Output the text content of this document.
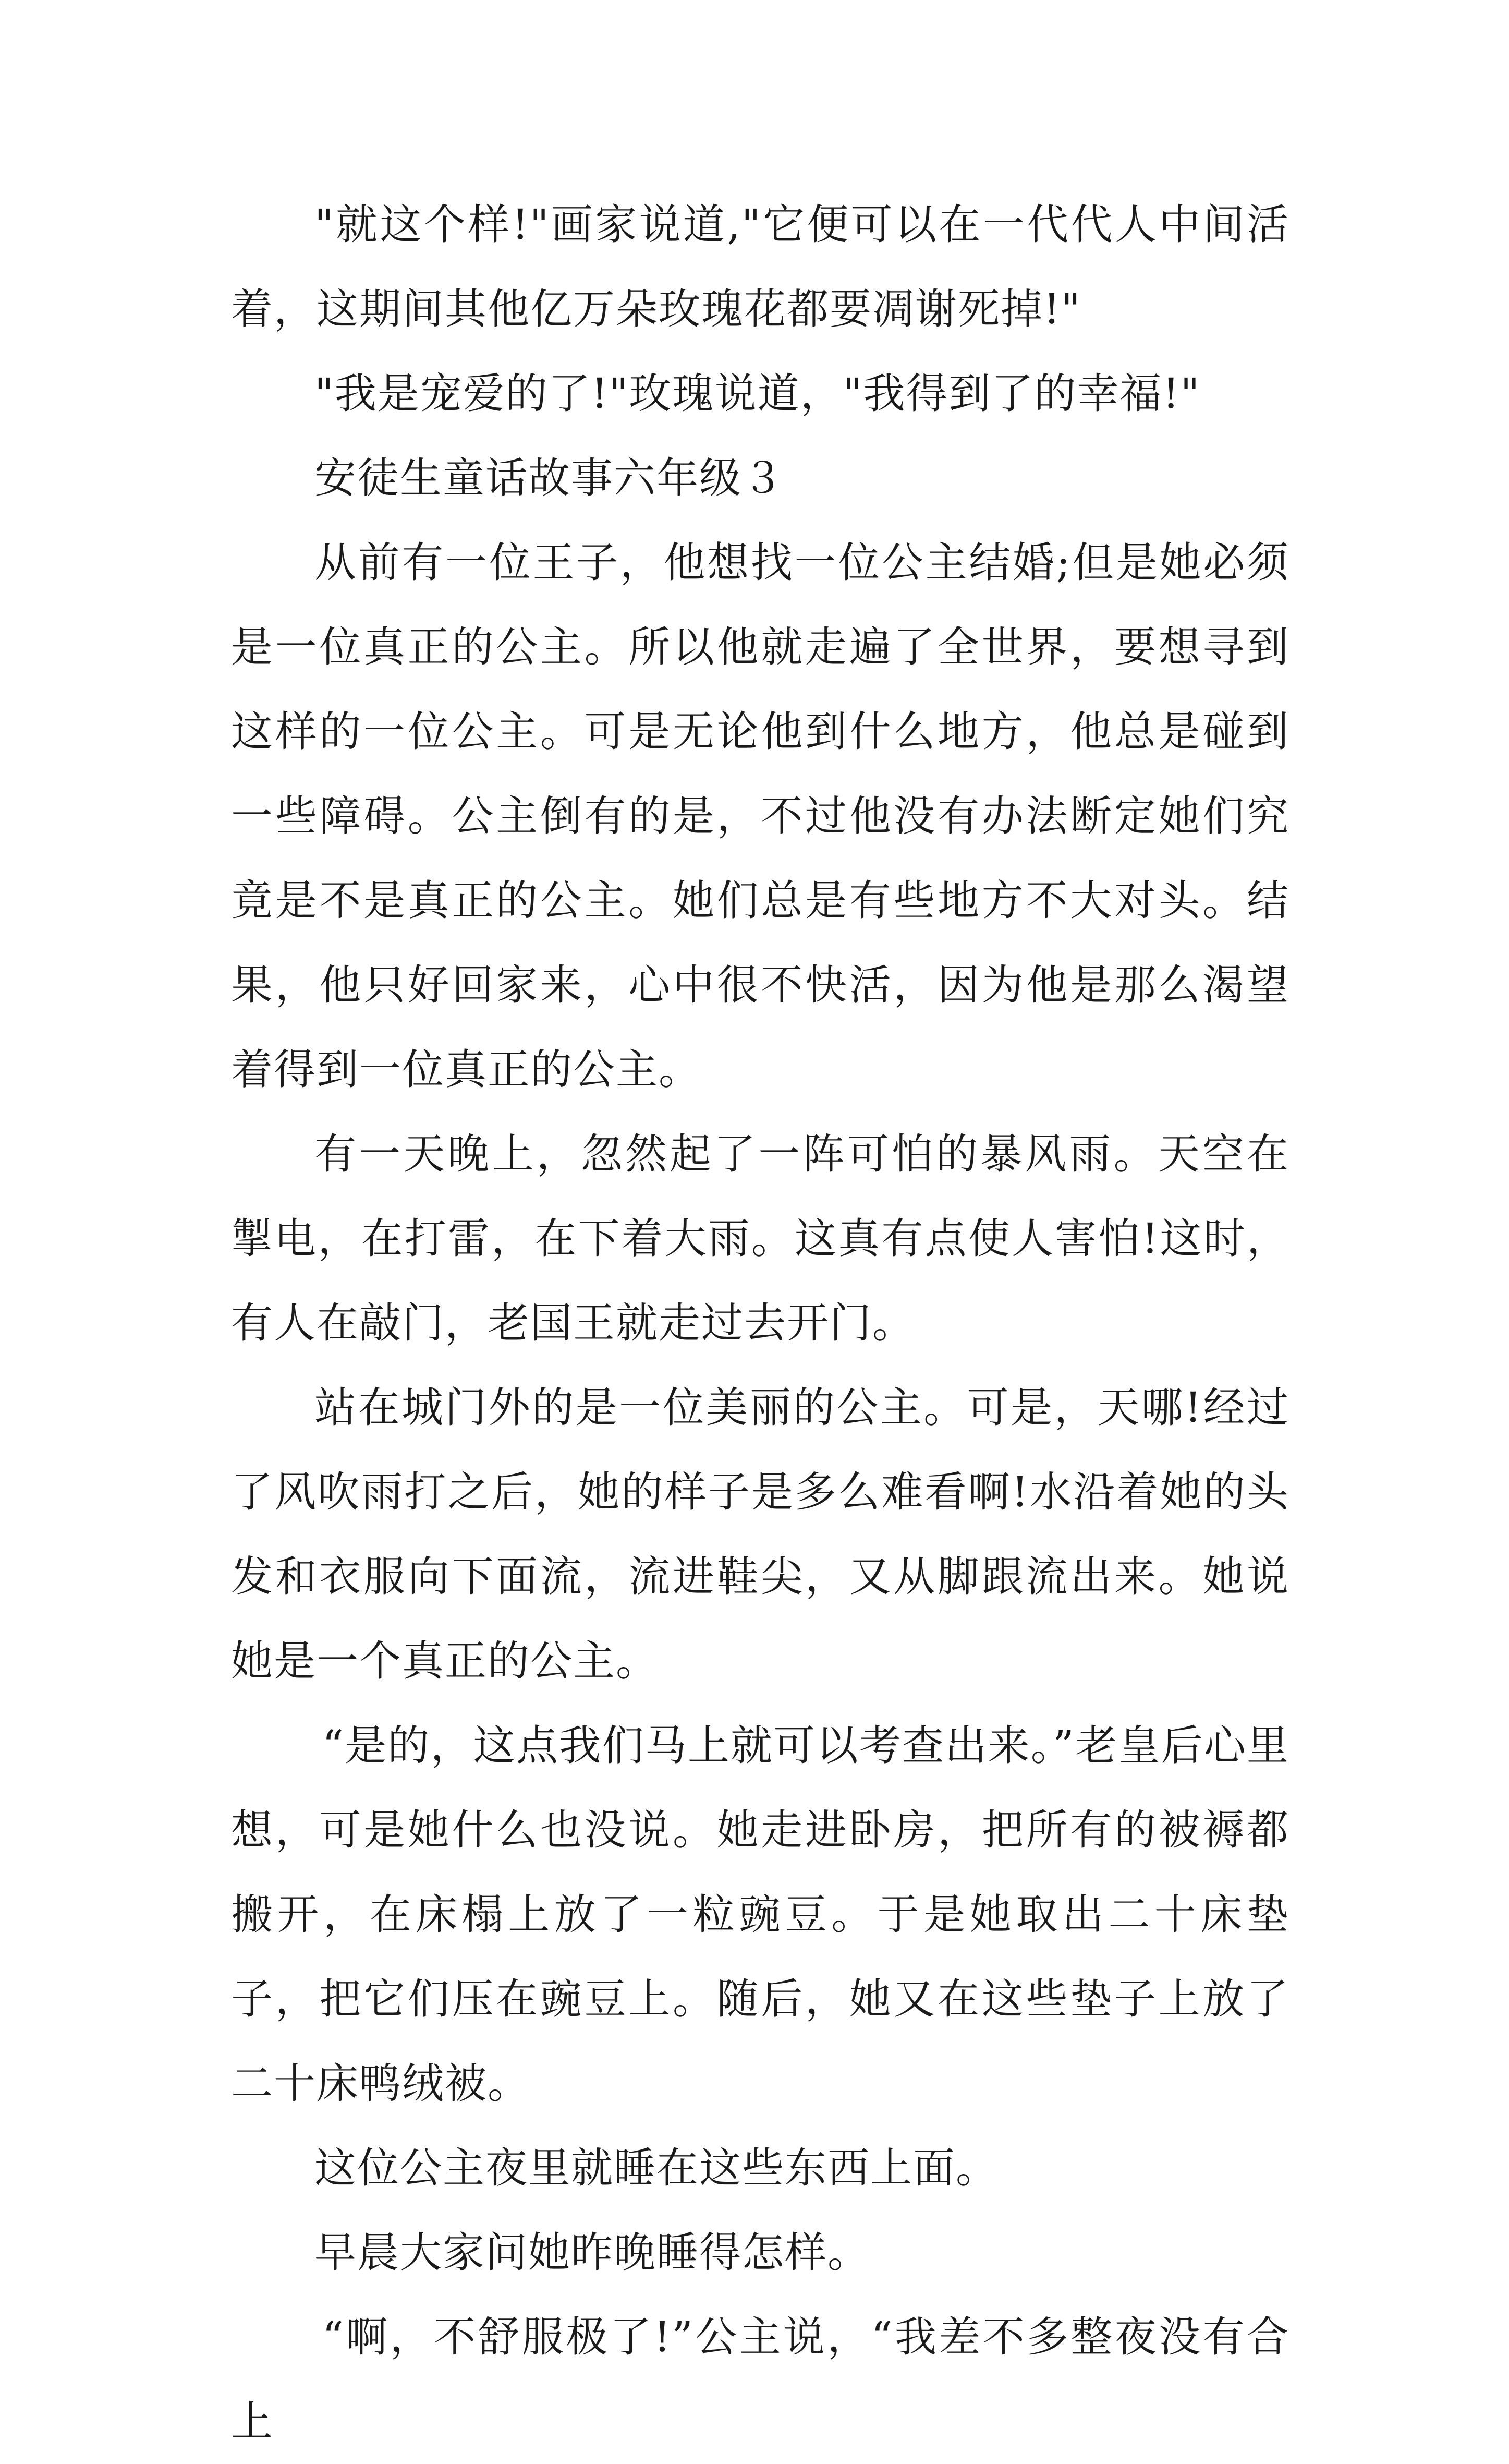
"就这个样!"画家说道,"它便可以在一代代人中间活着，这期间其他亿万朵玫瑰花都要凋谢死掉!"

"我是宠爱的了!"玫瑰说道，"我得到了的幸福!"

安徒生童话故事六年级３

从前有一位王子，他想找一位公主结婚;但是她必须是一位真正的公主。所以他就走遍了全世界，要想寻到这样的一位公主。可是无论他到什么地方，他总是碰到一些障碍。公主倒有的是，不过他没有办法断定她们究竟是不是真正的公主。她们总是有些地方不大对头。结果，他只好回家来，心中很不快活，因为他是那么渴望着得到一位真正的公主。

有一天晚上，忽然起了一阵可怕的暴风雨。天空在掣电，在打雷，在下着大雨。这真有点使人害怕!这时，有人在敲门，老国王就走过去开门。

站在城门外的是一位美丽的公主。可是，天哪!经过了风吹雨打之后，她的样子是多么难看啊!水沿着她的头发和衣服向下面流，流进鞋尖，又从脚跟流出来。她说她是一个真正的公主。

“是的，这点我们马上就可以考查出来。”老皇后心里想，可是她什么也没说。她走进卧房，把所有的被褥都搬开，在床榻上放了一粒豌豆。于是她取出二十床垫子，把它们压在豌豆上。随后，她又在这些垫子上放了二十床鸭绒被。

这位公主夜里就睡在这些东西上面。

早晨大家问她昨晚睡得怎样。

“啊，不舒服极了!”公主说，“我差不多整夜没有合上
